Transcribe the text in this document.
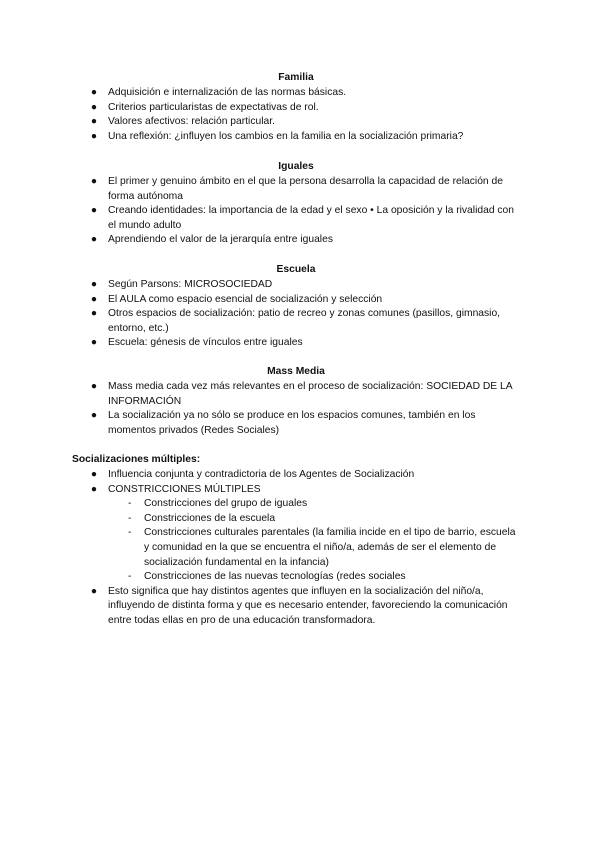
Familia

● Adquisición e internalización de las normas básicas.
● Criterios particularistas de expectativas de rol.
● Valores afectivos: relación particular.
● Una reflexión: ¿influyen los cambios en la familia en la socialización primaria?

Iguales

● El primer y genuino ámbito en el que la persona desarrolla la capacidad de relación de forma autónoma
● Creando identidades: la importancia de la edad y el sexo • La oposición y la rivalidad con el mundo adulto
● Aprendiendo el valor de la jerarquía entre iguales

Escuela

● Según Parsons: MICROSOCIEDAD
● El AULA como espacio esencial de socialización y selección
● Otros espacios de socialización: patio de recreo y zonas comunes (pasillos, gimnasio, entorno, etc.)
● Escuela: génesis de vínculos entre iguales

Mass Media

● Mass media cada vez más relevantes en el proceso de socialización: SOCIEDAD DE LA INFORMACIÓN
● La socialización ya no sólo se produce en los espacios comunes, también en los momentos privados (Redes Sociales)

Socializaciones múltiples:

● Influencia conjunta y contradictoria de los Agentes de Socialización
● CONSTRICCIONES MÚLTIPLES
- Constricciones del grupo de iguales
- Constricciones de la escuela
- Constricciones culturales parentales (la familia incide en el tipo de barrio, escuela y comunidad en la que se encuentra el niño/a, además de ser el elemento de socialización fundamental en la infancia)
- Constricciones de las nuevas tecnologías (redes sociales
● Esto significa que hay distintos agentes que influyen en la socialización del niño/a, influyendo de distinta forma y que es necesario entender, favoreciendo la comunicación entre todas ellas en pro de una educación transformadora.
